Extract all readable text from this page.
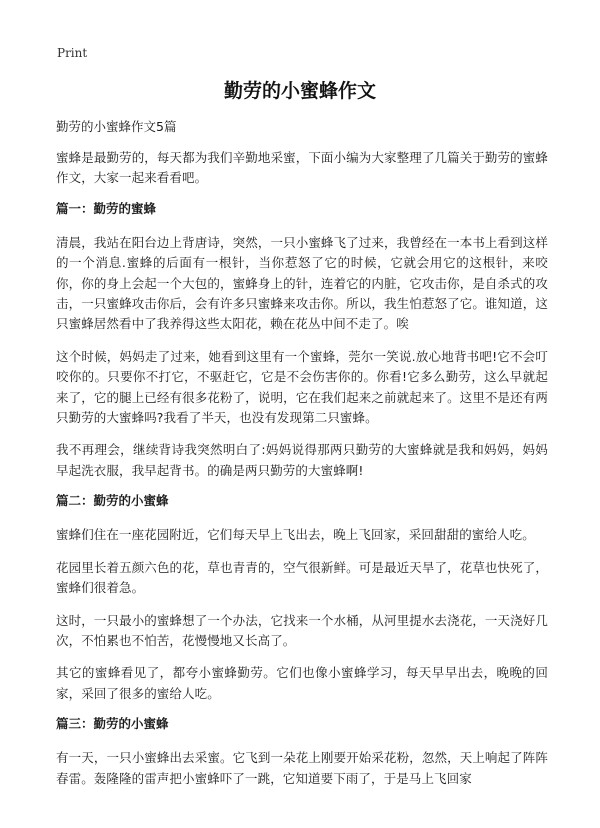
Print
勤劳的小蜜蜂作文

勤劳的小蜜蜂作文5篇

蜜蜂是最勤劳的，每天都为我们辛勤地采蜜，下面小编为大家整理了几篇关于勤劳的蜜蜂作文，大家一起来看看吧。

篇一：勤劳的蜜蜂

清晨，我站在阳台边上背唐诗，突然，一只小蜜蜂飞了过来，我曾经在一本书上看到这样的一个消息.蜜蜂的后面有一根针，当你惹怒了它的时候，它就会用它的这根针，来咬你，你的身上会起一个大包的，蜜蜂身上的针，连着它的内脏，它攻击你，是自杀式的攻击，一只蜜蜂攻击你后，会有许多只蜜蜂来攻击你。所以，我生怕惹怒了它。谁知道，这只蜜蜂居然看中了我养得这些太阳花，赖在花丛中间不走了。唉

这个时候，妈妈走了过来，她看到这里有一个蜜蜂，莞尔一笑说.放心地背书吧!它不会叮咬你的。只要你不打它，不驱赶它，它是不会伤害你的。你看!它多么勤劳，这么早就起来了，它的腿上已经有很多花粉了，说明，它在我们起来之前就起来了。这里不是还有两只勤劳的大蜜蜂吗?我看了半天，也没有发现第二只蜜蜂。

我不再理会，继续背诗我突然明白了:妈妈说得那两只勤劳的大蜜蜂就是我和妈妈，妈妈早起洗衣服，我早起背书。的确是两只勤劳的大蜜蜂啊!

篇二：勤劳的小蜜蜂

蜜蜂们住在一座花园附近，它们每天早上飞出去，晚上飞回家，采回甜甜的蜜给人吃。

花园里长着五颜六色的花，草也青青的，空气很新鲜。可是最近天旱了，花草也快死了，蜜蜂们很着急。

这时，一只最小的蜜蜂想了一个办法，它找来一个水桶，从河里提水去浇花，一天浇好几次，不怕累也不怕苦，花慢慢地又长高了。

其它的蜜蜂看见了，都夸小蜜蜂勤劳。它们也像小蜜蜂学习，每天早早出去，晚晚的回家，采回了很多的蜜给人吃。

篇三：勤劳的小蜜蜂

有一天，一只小蜜蜂出去采蜜。它飞到一朵花上刚要开始采花粉，忽然，天上响起了阵阵春雷。轰隆隆的雷声把小蜜蜂吓了一跳，它知道要下雨了，于是马上飞回家
